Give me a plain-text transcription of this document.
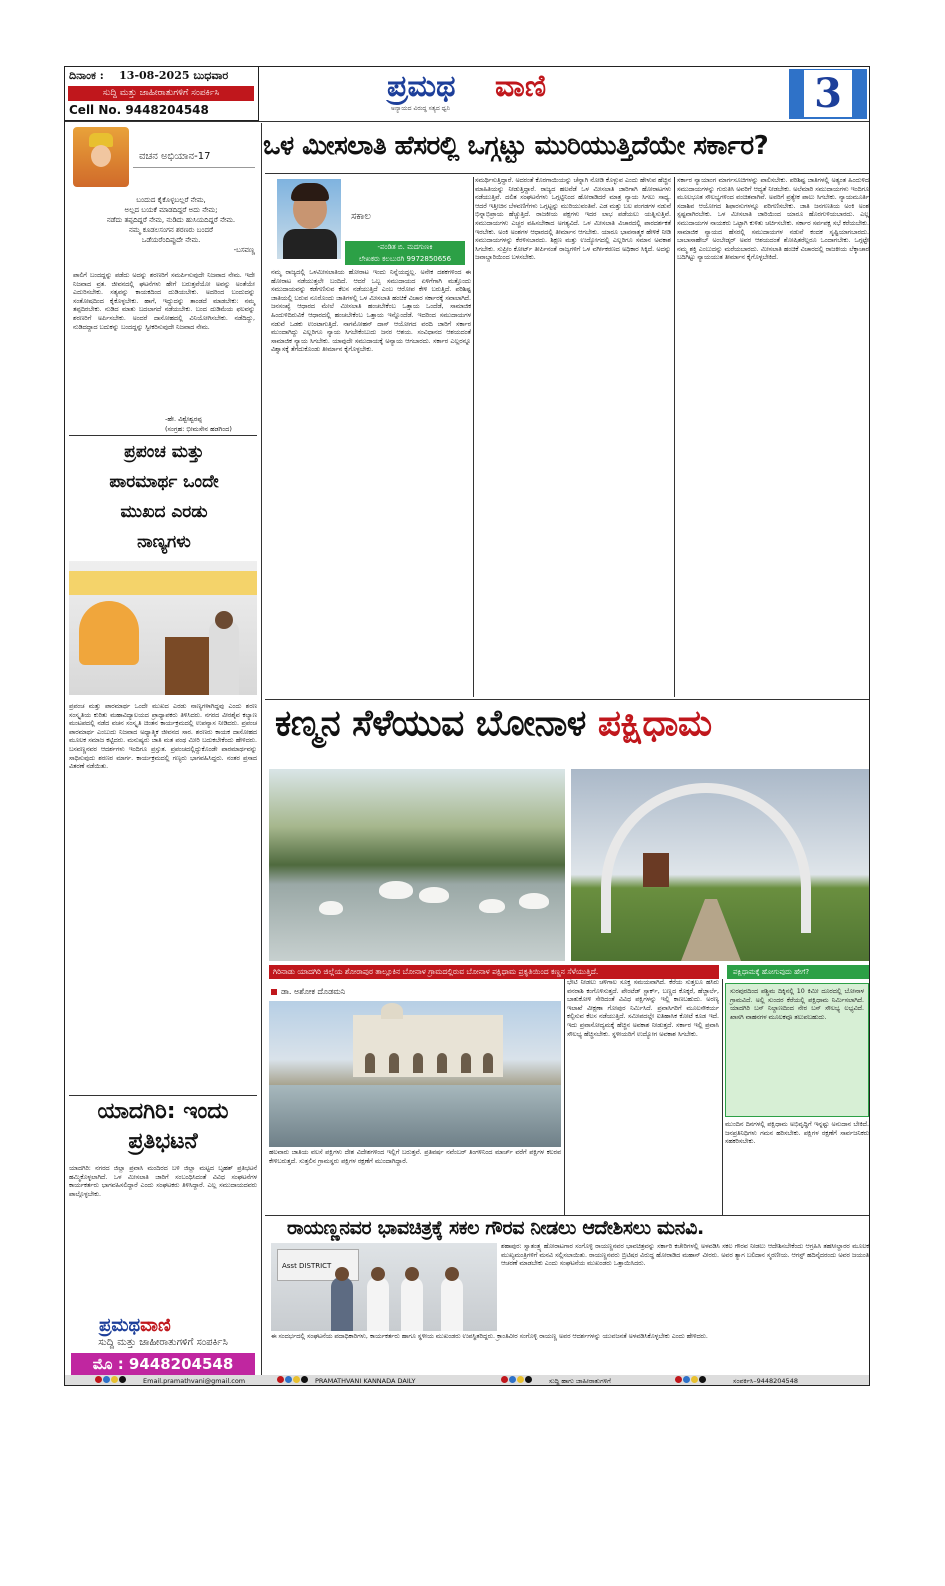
ದಿನಾಂಕ : 13-08-2025 ಬುಧವಾರ
ಸುದ್ದಿ ಮತ್ತು ಜಾಹೀರಾತುಗಳಿಗೆ ಸಂಪರ್ಕಿಸಿ
Cell No. 9448204548
ಪ್ರಮಥ ವಾಣಿ
ಅನ್ಯಾಯದ ವಿರುದ್ಧ ಸತ್ಯದ ಧ್ವನಿ	3
ವಚನ ಅಭಿಯಾನ-17
ಬಂದುದ ಕೈಕೊಳ್ಳಬಲ್ಲರೆ ನೇಮ,
ಅಲ್ಲದ ಬಯಕೆ ಮಾಡದಿದ್ದರೆ ಅದು ನೇಮ;
ನಡೆದು ತಪ್ಪದಿದ್ದರೆ ನೇಮ, ನುಡಿದು ಹುಸಿಯದಿದ್ದರೆ ನೇಮ.
ನಮ್ಮ ಕೂಡಲಸಂಗನ ಶರಣರು ಬಂದರೆ
ಒಡೆಯರೆಂದಿಪ್ಪುದೇ ನೇಮ.
-ಬಸವಣ್ಣ
ಪಾಲಿಗೆ ಬಂದದ್ದನ್ನು ಪಡೆದು ಅದನ್ನು ಶರಣರಿಗೆ ಸಮರ್ಪಿಸುವುದೇ ನಿಜವಾದ ನೇಮ. ಇದೇ ನಿಜವಾದ ವ್ರತ. ಜೀವನದಲ್ಲಿ ಘಟನೆಗಳು ಹೇಗೆ ಬರುತ್ತವೆಯೋ ಅವನ್ನು ಅಂತೆಯೇ ಎದುರಿಸಬೇಕು. ಸತ್ಯವನ್ನು ಕಾಯಕದಿಂದ ದುಡಿಯಬೇಕು. ಅದರಿಂದ ಬಂದುದನ್ನು ಸಂತೋಷದಿಂದ ಕೈಕೊಳ್ಳಬೇಕು. ಹಾಗೆ, ಇದ್ದುದನ್ನು ತಾಂಡದೆ ಮಾಡಬೇಕು: ನಮ್ಮ ತಪ್ಪದಿರಬೇಕು. ನುಡಿದ ಮಾತು ಬದಲಾಗದೆ ನಡೆಯಬೇಕು. ಬಂದ ದುಡಿಮೆಯ ಫಲವನ್ನು ಶರಣರಿಗೆ ಅರ್ಪಿಸಬೇಕು. ಅಂದರೆ ದಾಸೋಹದಲ್ಲಿ ವಿನಿಯೋಗಿಸಬೇಕು. ನಡೆದಿದ್ದು, ನುಡಿದದ್ದಾದ ಬದುಕನ್ನು ಬಂದದ್ದನ್ನು ಸ್ವೀಕರಿಸುವುದೇ ನಿಜವಾದ ನೇಮ.
-ಹೇ. ವಿಶ್ವೇಶ್ವರಪ್ಪ
(ಸಂಗ್ರಹ: ಭೀಮಸೇನ ಹಡಗಿಂದ)
ಪ್ರಪಂಚ ಮತ್ತು
ಪಾರಮಾರ್ಥ ಒಂದೇ
ಮುಖದ ಎರಡು
ನಾಣ್ಯಗಳು
ಪ್ರಪಂಚ ಮತ್ತು ಪಾರಮಾರ್ಥ ಒಂದೇ ಮುಖದ ಎರಡು ನಾಣ್ಯಗಳಾಗಿದ್ದವು ಎಂದು ಶರಣ ಸಂಸ್ಕೃತಿಯ ಕುರಿತು ಮಹಾವಿದ್ಯಾಲಯದ ಪ್ರಾಧ್ಯಾಪಕರು ತಿಳಿಸಿದರು. ನಗರದ ವೀರಶೈವ ಕಲ್ಯಾಣ ಮಂಟಪದಲ್ಲಿ ನಡೆದ ವಚನ ಸಂಸ್ಕೃತಿ ಚಿಂತನ ಕಾರ್ಯಕ್ರಮದಲ್ಲಿ ಉಪನ್ಯಾಸ ನೀಡಿದರು. ಪ್ರಪಂಚ ಪಾರಮಾರ್ಥ ಎಂಬುದು ನಿಜವಾದ ಅಧ್ಯಾತ್ಮಿಕ ಜೀವನದ ಸಾರ. ಶರಣರು ಕಾಯಕ ದಾಸೋಹದ ಮೂಲಕ ಸಮಾಜ ಕಟ್ಟಿದರು. ಮನುಷ್ಯರು ಜಾತಿ ಮತ ಪಂಥ ಮೀರಿ ಬದುಕಬೇಕೆಂದು ಹೇಳಿದರು. ಬಸವಣ್ಣನವರ ಆದರ್ಶಗಳು ಇಂದಿಗೂ ಪ್ರಸ್ತುತ. ಪ್ರಪಂಚದಲ್ಲಿದ್ದುಕೊಂಡೇ ಪಾರಮಾರ್ಥವನ್ನು ಸಾಧಿಸುವುದು ಶರಣರ ಮಾರ್ಗ. ಕಾರ್ಯಕ್ರಮದಲ್ಲಿ ಗಣ್ಯರು ಭಾಗವಹಿಸಿದ್ದರು. ನಂತರ ಪ್ರಸಾದ ವಿತರಣೆ ನಡೆಯಿತು.
ಯಾದಗಿರಿ: ಇಂದು
ಪ್ರತಿಭಟನೆ
ಯಾದಗಿರಿ: ನಗರದ ಜಿಲ್ಲಾ ಪ್ರವಾಸಿ ಮಂದಿರದ ಬಳಿ ಜಿಲ್ಲಾ ಮಟ್ಟದ ಬೃಹತ್ ಪ್ರತಿಭಟನೆ ಹಮ್ಮಿಕೊಳ್ಳಲಾಗಿದೆ. ಒಳ ಮೀಸಲಾತಿ ಜಾರಿಗೆ ಸಂಬಂಧಿಸಿದಂತೆ ವಿವಿಧ ಸಂಘಟನೆಗಳ ಕಾರ್ಯಕರ್ತರು ಭಾಗವಹಿಸಲಿದ್ದಾರೆ ಎಂದು ಸಂಘಟಕರು ತಿಳಿಸಿದ್ದಾರೆ. ಎಲ್ಲ ಸಮುದಾಯದವರು ಪಾಲ್ಗೊಳ್ಳಬೇಕು.
ಪ್ರಮಥವಾಣಿ
ಸುದ್ದಿ ಮತ್ತು ಜಾಹೀರಾತುಗಳಿಗೆ ಸಂಪರ್ಕಿಸಿ
ಮೊ : 9448204548
ಒಳ ಮೀಸಲಾತಿ ಹೆಸರಲ್ಲಿ ಒಗ್ಗಟ್ಟು ಮುರಿಯುತ್ತಿದೆಯೇ ಸರ್ಕಾರ?
ಸಕಾಲ
-ಪಂಡಿತ ಬಿ. ಮದಗುಣಕಿ
ಲೇಖಕರು ಕಲಬುರಗಿ 9972850656
ನಮ್ಮ ರಾಜ್ಯದಲ್ಲಿ ಒಳಮೀಸಲಾತಿಯ ಹೋರಾಟ ಇಂದು ನಿನ್ನೆಯದ್ದಲ್ಲ. ಅನೇಕ ದಶಕಗಳಿಂದ ಈ ಹೋರಾಟ ನಡೆಯುತ್ತಲೇ ಬಂದಿದೆ. ಆದರೆ ಒಬ್ಬ ಸಮುದಾಯದ ಏಳಿಗೆಗಾಗಿ ಮತ್ತೊಂದು ಸಮುದಾಯವನ್ನು ಕಡೆಗಣಿಸುವ ಕೆಲಸ ನಡೆಯುತ್ತಿದೆ ಎಂಬ ಆರೋಪ ಕೇಳಿ ಬರುತ್ತಿದೆ. ಪರಿಶಿಷ್ಟ ಜಾತಿಯಲ್ಲಿ ಬರುವ ನೂರೊಂದು ಜಾತಿಗಳಲ್ಲಿ ಒಳ ಮೀಸಲಾತಿ ಹಂಚಿಕೆ ವಿಚಾರ ಸರ್ಕಾರಕ್ಕೆ ಸವಾಲಾಗಿದೆ. ಜನಸಂಖ್ಯೆ ಆಧಾರದ ಮೇಲೆ ಮೀಸಲಾತಿ ಹಂಚಬೇಕೆಂಬ ಒತ್ತಾಯ ಒಂದೆಡೆ, ಸಾಮಾಜಿಕ ಹಿಂದುಳಿದಿರುವಿಕೆ ಆಧಾರದಲ್ಲಿ ಹಂಚಬೇಕೆಂಬ ಒತ್ತಾಯ ಇನ್ನೊಂದೆಡೆ. ಇದರಿಂದ ಸಮುದಾಯಗಳ ನಡುವೆ ಒಡಕು ಉಂಟಾಗುತ್ತಿದೆ. ನಾಗಮೋಹನ್ ದಾಸ್ ಆಯೋಗದ ವರದಿ ಜಾರಿಗೆ ಸರ್ಕಾರ ಮುಂದಾಗಿದ್ದು ಎಲ್ಲರಿಗೂ ನ್ಯಾಯ ಸಿಗಬೇಕೆಂಬುದು ಜನರ ಆಶಯ. ಸಂವಿಧಾನದ ಆಶಯದಂತೆ ಸಾಮಾಜಿಕ ನ್ಯಾಯ ಸಿಗಬೇಕು. ಯಾವುದೇ ಸಮುದಾಯಕ್ಕೆ ಅನ್ಯಾಯ ಆಗಬಾರದು. ಸರ್ಕಾರ ಎಲ್ಲರನ್ನೂ ವಿಶ್ವಾಸಕ್ಕೆ ತೆಗೆದುಕೊಂಡು ತೀರ್ಮಾನ ಕೈಗೊಳ್ಳಬೇಕು.
ಸಮರ್ಥಿಸುತ್ತಿದ್ದಾರೆ. ಅದರಂತೆ ಕೊರಗಾಯಿಯನ್ನು ಚೆನ್ನಾಗಿ ನೋಡಿ ಕೊಳ್ಳುವ ಎಂದು ಹೇಳುವ ಹೆಚ್ಚಿನ ಮಾಹಿತಿಯನ್ನು ನೀಡುತ್ತಿದ್ದಾರೆ. ರಾಜ್ಯದ ಹಲವೆಡೆ ಒಳ ಮೀಸಲಾತಿ ಜಾರಿಗಾಗಿ ಹೋರಾಟಗಳು ನಡೆಯುತ್ತಿವೆ. ದಲಿತ ಸಂಘಟನೆಗಳು ಒಗ್ಗಟ್ಟಿನಿಂದ ಹೋರಾಡಿದರೆ ಮಾತ್ರ ನ್ಯಾಯ ಸಿಗಲು ಸಾಧ್ಯ. ಆದರೆ ಇತ್ತೀಚಿನ ಬೆಳವಣಿಗೆಗಳು ಒಗ್ಗಟ್ಟನ್ನು ಮುರಿಯುವಂತಿವೆ. ಎಡ ಮತ್ತು ಬಲ ಪಂಗಡಗಳ ನಡುವೆ ಭಿನ್ನಾಭಿಪ್ರಾಯ ಹೆಚ್ಚುತ್ತಿದೆ. ರಾಜಕೀಯ ಪಕ್ಷಗಳು ಇದರ ಲಾಭ ಪಡೆಯಲು ಯತ್ನಿಸುತ್ತಿವೆ. ಸಮುದಾಯಗಳು ಎಚ್ಚರ ವಹಿಸಬೇಕಾದ ಅಗತ್ಯವಿದೆ. ಒಳ ಮೀಸಲಾತಿ ವಿಚಾರದಲ್ಲಿ ಪಾರದರ್ಶಕತೆ ಇರಬೇಕು. ಅಂಕಿ ಅಂಶಗಳ ಆಧಾರದಲ್ಲಿ ತೀರ್ಮಾನ ಆಗಬೇಕು. ಯಾರೂ ಭಾವನಾತ್ಮಕ ಹೇಳಿಕೆ ನೀಡಿ ಸಮುದಾಯಗಳನ್ನು ಕೆರಳಿಸಬಾರದು. ಶಿಕ್ಷಣ ಮತ್ತು ಉದ್ಯೋಗದಲ್ಲಿ ಎಲ್ಲರಿಗೂ ಸಮಾನ ಅವಕಾಶ ಸಿಗಬೇಕು. ಸುಪ್ರೀಂ ಕೋರ್ಟ್ ತೀರ್ಪಿನಂತೆ ರಾಜ್ಯಗಳಿಗೆ ಒಳ ವರ್ಗೀಕರಣದ ಅಧಿಕಾರ ಸಿಕ್ಕಿದೆ. ಅದನ್ನು ಜವಾಬ್ದಾರಿಯಿಂದ ಬಳಸಬೇಕು.
ಸರ್ಕಾರ ನ್ಯಾಯಾಂಗ ಮಾರ್ಗಸೂಚಿಗಳನ್ನು ಪಾಲಿಸಬೇಕು. ಪರಿಶಿಷ್ಟ ಜಾತಿಗಳಲ್ಲಿ ಅತ್ಯಂತ ಹಿಂದುಳಿದ ಸಮುದಾಯಗಳನ್ನು ಗುರುತಿಸಿ ಅವರಿಗೆ ಆದ್ಯತೆ ನೀಡಬೇಕು. ಅಲೆಮಾರಿ ಸಮುದಾಯಗಳು ಇಂದಿಗೂ ಮೂಲಭೂತ ಸೌಲಭ್ಯಗಳಿಂದ ವಂಚಿತವಾಗಿವೆ. ಅವರಿಗೆ ಪ್ರತ್ಯೇಕ ಪಾಲು ಸಿಗಬೇಕು. ನ್ಯಾಯಮೂರ್ತಿ ಸದಾಶಿವ ಆಯೋಗದ ಶಿಫಾರಸುಗಳನ್ನೂ ಪರಿಗಣಿಸಬೇಕು. ಜಾತಿ ಜನಗಣತಿಯ ಅಂಕಿ ಅಂಶ ಸ್ಪಷ್ಟವಾಗಿರಬೇಕು. ಒಳ ಮೀಸಲಾತಿ ಜಾರಿಯಿಂದ ಯಾರೂ ಹೊರಗುಳಿಯಬಾರದು. ಎಲ್ಲ ಸಮುದಾಯಗಳ ನಾಯಕರು ಒಟ್ಟಾಗಿ ಕುಳಿತು ಚರ್ಚಿಸಬೇಕು. ಸರ್ಕಾರ ಸರ್ವಪಕ್ಷ ಸಭೆ ಕರೆಯಬೇಕು. ಸಾಮಾಜಿಕ ನ್ಯಾಯದ ಹೆಸರಲ್ಲಿ ಸಮುದಾಯಗಳ ನಡುವೆ ಕಂದಕ ಸೃಷ್ಟಿಯಾಗಬಾರದು. ಬಾಬಾಸಾಹೇಬ್ ಅಂಬೇಡ್ಕರ್ ಅವರ ಆಶಯದಂತೆ ಶೋಷಿತರೆಲ್ಲರೂ ಒಂದಾಗಬೇಕು. ಒಗ್ಗಟ್ಟೇ ನಮ್ಮ ಶಕ್ತಿ ಎಂಬುದನ್ನು ಮರೆಯಬಾರದು. ಮೀಸಲಾತಿ ಹಂಚಿಕೆ ವಿಚಾರದಲ್ಲಿ ರಾಜಕೀಯ ಲೆಕ್ಕಾಚಾರ ಬದಿಗಿಟ್ಟು ನ್ಯಾಯಯುತ ತೀರ್ಮಾನ ಕೈಗೊಳ್ಳಬೇಕಿದೆ.
ಕಣ್ಮನ ಸೆಳೆಯುವ ಬೋನಾಳ ಪಕ್ಷಿಧಾಮ
ಗಿರಿನಾಡು ಯಾದಗಿರಿ ಜಿಲ್ಲೆಯ ಶೋರಾಪುರ ತಾಲ್ಲೂಕಿನ ಬೋನಾಳ ಗ್ರಾಮದಲ್ಲಿರುವ ಬೋನಾಳ ಪಕ್ಷಿಧಾಮ ಪ್ರಕೃತಿಯಿಂದ ಕಣ್ಣನ ಸೆಳೆಯುತ್ತಿದೆ.	ಪಕ್ಷಿಧಾಮಕ್ಕೆ ಹೋಗುವುದು ಹೇಗೆ?
ಡಾ. ಅಶೋಕ ದೊಡಮನಿ
ಹಲವಾರು ಜಾತಿಯ ವಲಸೆ ಪಕ್ಷಿಗಳು ದೇಶ ವಿದೇಶಗಳಿಂದ ಇಲ್ಲಿಗೆ ಬರುತ್ತವೆ. ಪ್ರತಿವರ್ಷ ನವೆಂಬರ್ ತಿಂಗಳಿನಿಂದ ಮಾರ್ಚ್ ವರೆಗೆ ಪಕ್ಷಿಗಳ ಕಲರವ ಕೇಳಿಬರುತ್ತದೆ. ಸುತ್ತಲಿನ ಗ್ರಾಮಸ್ಥರು ಪಕ್ಷಿಗಳ ರಕ್ಷಣೆಗೆ ಮುಂದಾಗಿದ್ದಾರೆ.
ಭೇಟಿ ನೀಡಲು ಚಳಿಗಾಲ ಸೂಕ್ತ ಸಮಯವಾಗಿದೆ. ಕೆರೆಯ ಸುತ್ತಲೂ ಹಸಿರು ವನರಾಶಿ ಕಂಗೊಳಿಸುತ್ತದೆ. ಪೇಂಟೆಡ್ ಸ್ಟಾರ್ಕ್, ಬಣ್ಣದ ಕೊಕ್ಕರೆ, ಹೆಜ್ಜಾರ್ಲೆ, ಬಾತುಕೋಳಿ ಸೇರಿದಂತೆ ವಿವಿಧ ಪಕ್ಷಿಗಳನ್ನು ಇಲ್ಲಿ ಕಾಣಬಹುದು. ಅರಣ್ಯ ಇಲಾಖೆ ವೀಕ್ಷಣಾ ಗೋಪುರ ನಿರ್ಮಿಸಿದೆ. ಪ್ರವಾಸಿಗರಿಗೆ ಮೂಲಸೌಕರ್ಯ ಕಲ್ಪಿಸುವ ಕೆಲಸ ನಡೆಯುತ್ತಿದೆ. ಸಮೀಪದಲ್ಲೇ ಐತಿಹಾಸಿಕ ಕೋಟೆ ಕೂಡ ಇದೆ. ಇದು ಪ್ರವಾಸೋದ್ಯಮಕ್ಕೆ ಹೆಚ್ಚಿನ ಅವಕಾಶ ನೀಡುತ್ತದೆ. ಸರ್ಕಾರ ಇಲ್ಲಿ ಪ್ರವಾಸಿ ಸೌಲಭ್ಯ ಹೆಚ್ಚಿಸಬೇಕು. ಸ್ಥಳೀಯರಿಗೆ ಉದ್ಯೋಗ ಅವಕಾಶ ಸಿಗಬೇಕು.
ಸುರಪುರದಿಂದ ಪಶ್ಚಿಮ ದಿಕ್ಕಿನಲ್ಲಿ 10 ಕಿಮೀ ದೂರದಲ್ಲಿ ಬೋನಾಳ ಗ್ರಾಮವಿದೆ. ಅಲ್ಲಿ ಸುಂದರ ಕೆರೆಯಲ್ಲಿ ಪಕ್ಷಿಧಾಮ ನಿರ್ಮಿಸಲಾಗಿದೆ. ಯಾದಗಿರಿ ಬಸ್ ನಿಲ್ದಾಣದಿಂದ ನೇರ ಬಸ್ ಸೌಲಭ್ಯ ಲಭ್ಯವಿದೆ. ಖಾಸಗಿ ವಾಹನಗಳ ಮೂಲಕವೂ ತಲುಪಬಹುದು.
ಮುಂದಿನ ದಿನಗಳಲ್ಲಿ ಪಕ್ಷಿಧಾಮ ಅಭಿವೃದ್ಧಿಗೆ ಇನ್ನಷ್ಟು ಅನುದಾನ ಬೇಕಿದೆ. ಜನಪ್ರತಿನಿಧಿಗಳು ಗಮನ ಹರಿಸಬೇಕು. ಪಕ್ಷಿಗಳ ರಕ್ಷಣೆಗೆ ಸಾರ್ವಜನಿಕರು ಸಹಕರಿಸಬೇಕು.
ರಾಯಣ್ಣನವರ ಭಾವಚಿತ್ರಕ್ಕೆ ಸಕಲ ಗೌರವ ನೀಡಲು ಆದೇಶಿಸಲು ಮನವಿ.
Asst DISTRICT
ಶಹಾಪುರ: ಸ್ವಾತಂತ್ರ್ಯ ಹೋರಾಟಗಾರ ಸಂಗೊಳ್ಳಿ ರಾಯಣ್ಣನವರ ಭಾವಚಿತ್ರವನ್ನು ಸರ್ಕಾರಿ ಕಚೇರಿಗಳಲ್ಲಿ ಅಳವಡಿಸಿ ಸಕಲ ಗೌರವ ನೀಡಲು ಆದೇಶಿಸಬೇಕೆಂದು ಆಗ್ರಹಿಸಿ ತಹಸೀಲ್ದಾರರ ಮೂಲಕ ಮುಖ್ಯಮಂತ್ರಿಗಳಿಗೆ ಮನವಿ ಸಲ್ಲಿಸಲಾಯಿತು. ರಾಯಣ್ಣನವರು ಬ್ರಿಟಿಷರ ವಿರುದ್ಧ ಹೋರಾಡಿದ ಮಹಾನ್ ವೀರರು. ಅವರ ತ್ಯಾಗ ಬಲಿದಾನ ಸ್ಮರಣೀಯ. ಆಗಸ್ಟ್ ಹದಿನೈದರಂದು ಅವರ ಜಯಂತಿ ಆಚರಣೆ ಮಾಡಬೇಕು ಎಂದು ಸಂಘಟನೆಯ ಮುಖಂಡರು ಒತ್ತಾಯಿಸಿದರು.
ಈ ಸಂದರ್ಭದಲ್ಲಿ ಸಂಘಟನೆಯ ಪದಾಧಿಕಾರಿಗಳು, ಕಾರ್ಯಕರ್ತರು ಹಾಗೂ ಸ್ಥಳೀಯ ಮುಖಂಡರು ಉಪಸ್ಥಿತರಿದ್ದರು. ಕ್ರಾಂತಿವೀರ ಸಂಗೊಳ್ಳಿ ರಾಯಣ್ಣ ಅವರ ಆದರ್ಶಗಳನ್ನು ಯುವಜನತೆ ಅಳವಡಿಸಿಕೊಳ್ಳಬೇಕು ಎಂದು ಹೇಳಿದರು.
Email.pramathvani@gmail.com	PRAMATHVANI KANNADA DAILY	ಸುದ್ದಿ ಹಾಗು ಜಾಹೀರಾತುಗಳಿಗೆ	ಸಂಪರ್ಕಿಸಿ–9448204548
